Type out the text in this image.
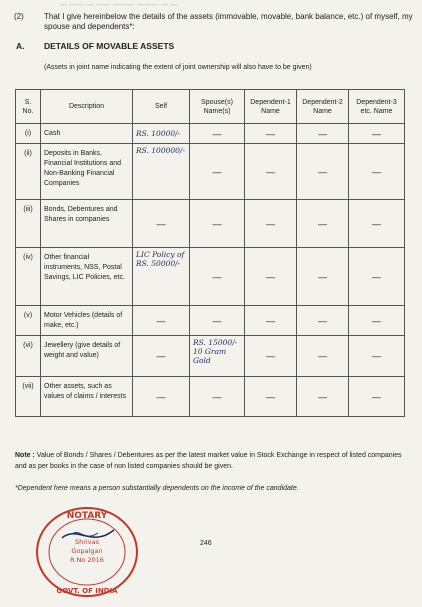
— —— — —— ——— ——— — —
(2)	That I give hereinbelow the details of the assets (immovable, movable, bank balance, etc.) of myself, my spouse and dependents*:
A. DETAILS OF MOVABLE ASSETS
(Assets in joint name indicating the extent of joint ownership will also have to be given)
S. No.	Description	Self	Spouse(s) Name(s)	Dependent-1 Name	Dependent-2 Name	Dependent-3 etc. Name
(i)	Cash	RS. 10000/-	—	—	—	—
(ii)	Deposits in Banks, Financial Institutions and Non-Banking Financial Companies	RS. 100000/-	—	—	—	—
(iii)	Bonds, Debentures and Shares in companies	—	—	—	—	—
(iv)	Other financial instruments, NSS, Postal Savings, LIC Policies, etc.	LIC Policy of RS. 50000/-	—	—	—	—
(v)	Motor Vehicles (details of make, etc.)	—	—	—	—	—
(vi)	Jewellery (give details of weight and value)	—	RS. 15000/- 10 Gram Gold	—	—	—
(vii)	Other assets, such as values of claims / interests	—	—	—	—	—
Note : Value of Bonds / Shares / Debentures as per the latest market value in Stock Exchange in respect of listed companies and as per books in the case of non listed companies should be given.
*Dependent here means a person substantially dependents on the income of the candidate.
246
NOTARY
Shrivas
Gopalgan
R.No 2016
GOVT. OF INDIA
